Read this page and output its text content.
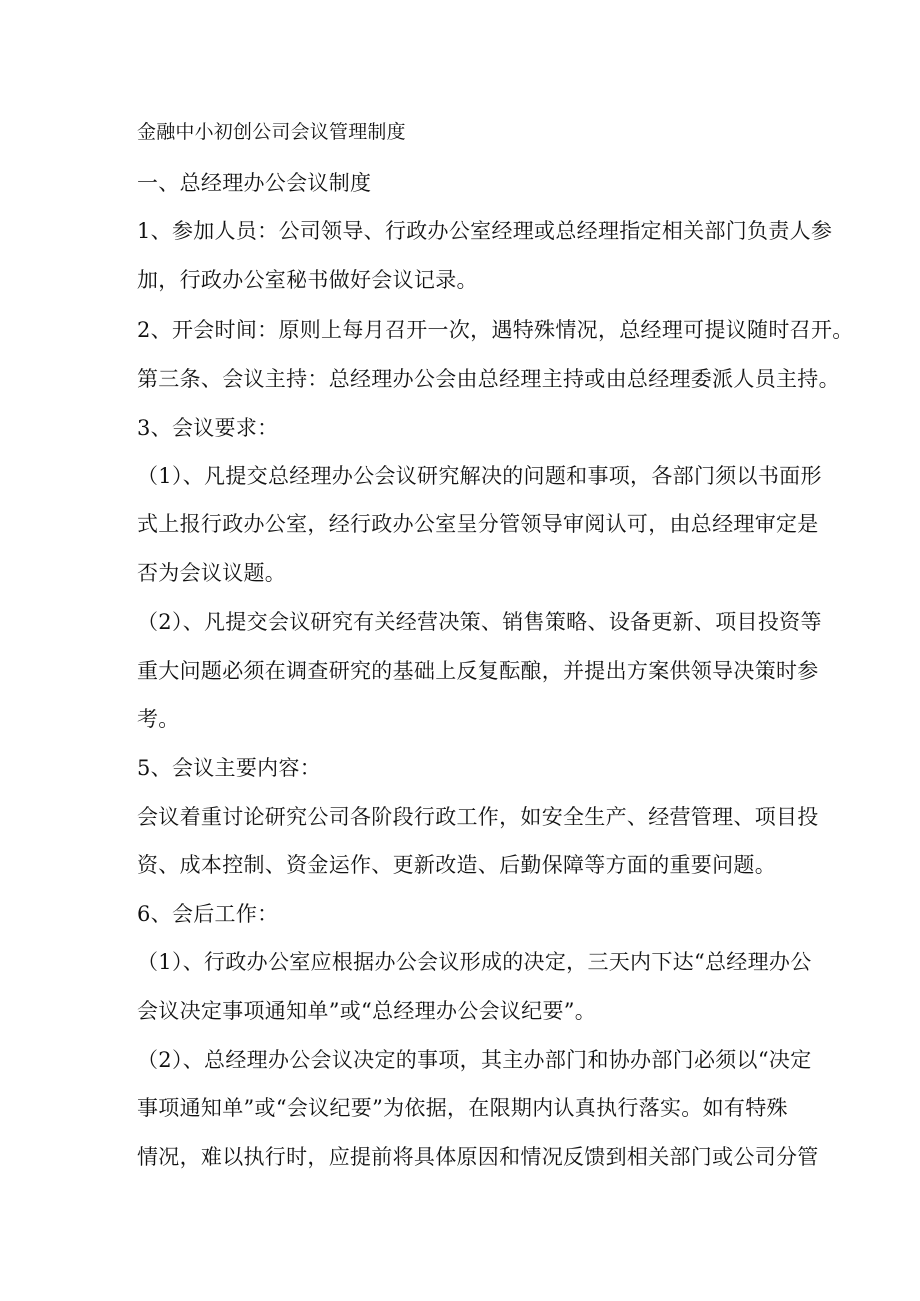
金融中小初创公司会议管理制度

一、总经理办公会议制度

1、参加人员：公司领导、行政办公室经理或总经理指定相关部门负责人参

加，行政办公室秘书做好会议记录。

2、开会时间：原则上每月召开一次，遇特殊情况，总经理可提议随时召开。

第三条、会议主持：总经理办公会由总经理主持或由总经理委派人员主持。

3、会议要求：

（1）、凡提交总经理办公会议研究解决的问题和事项，各部门须以书面形

式上报行政办公室，经行政办公室呈分管领导审阅认可，由总经理审定是

否为会议议题。

（2）、凡提交会议研究有关经营决策、销售策略、设备更新、项目投资等

重大问题必须在调查研究的基础上反复酝酿，并提出方案供领导决策时参

考。

5、会议主要内容：

会议着重讨论研究公司各阶段行政工作，如安全生产、经营管理、项目投

资、成本控制、资金运作、更新改造、后勤保障等方面的重要问题。

6、会后工作：

（1）、行政办公室应根据办公会议形成的决定，三天内下达“总经理办公

会议决定事项通知单”或“总经理办公会议纪要”。

（2）、总经理办公会议决定的事项，其主办部门和协办部门必须以“决定

事项通知单”或“会议纪要”为依据，在限期内认真执行落实。如有特殊

情况，难以执行时，应提前将具体原因和情况反馈到相关部门或公司分管
